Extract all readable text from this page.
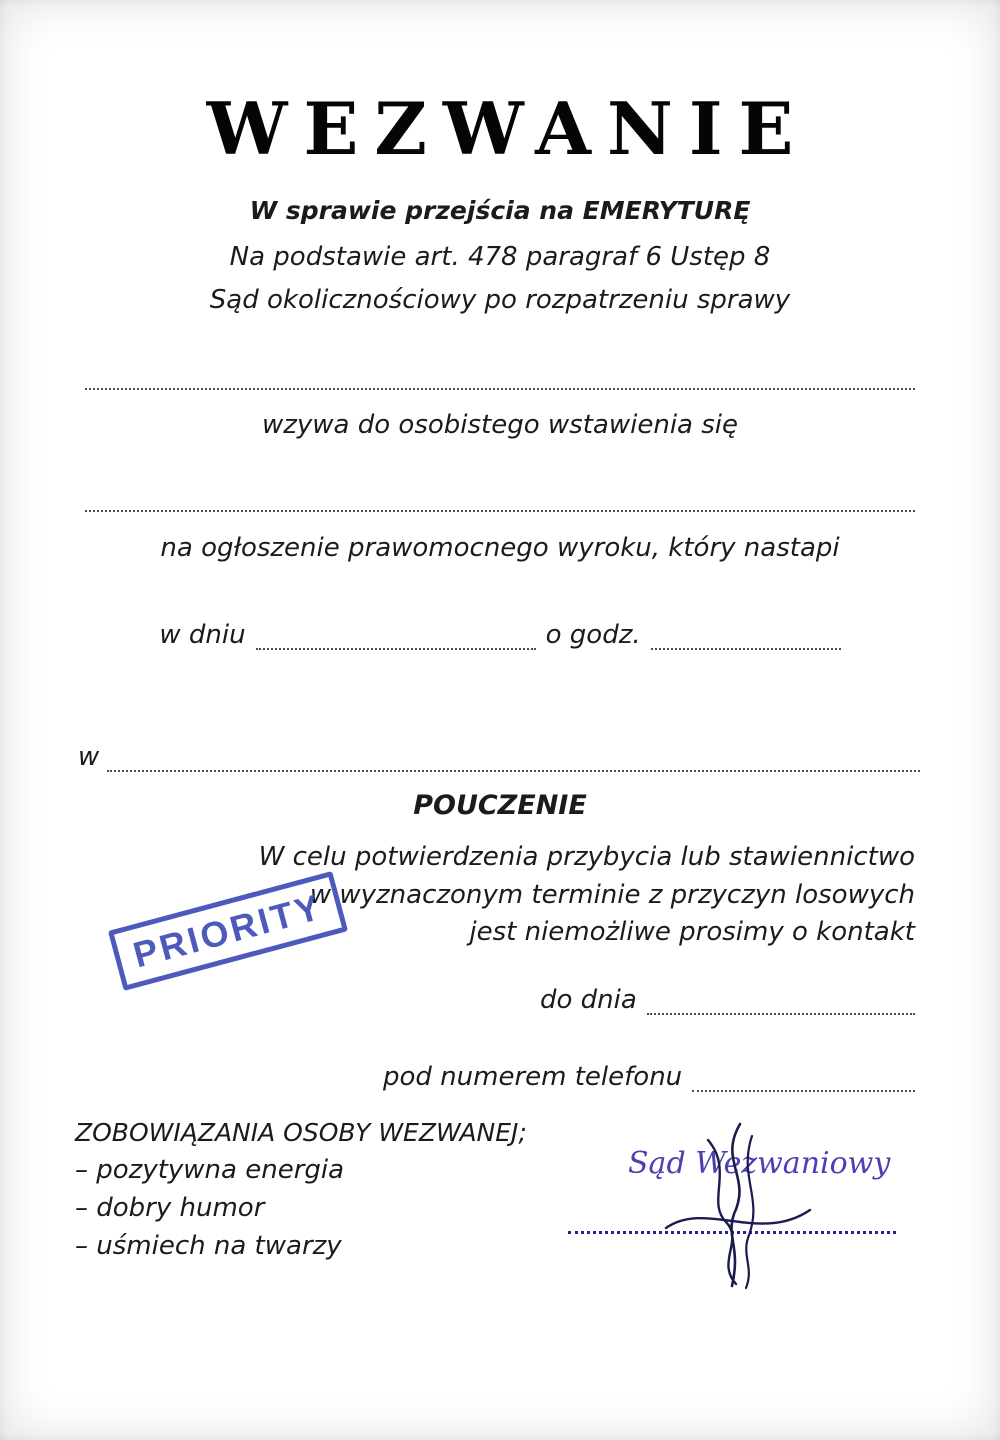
WEZWANIE
W sprawie przejścia na EMERYTURĘ
Na podstawie art. 478 paragraf 6 Ustęp 8
Sąd okolicznościowy po rozpatrzeniu sprawy
wzywa do osobistego wstawienia się
na ogłoszenie prawomocnego wyroku, który nastapi
w dniu	o godz.
w
POUCZENIE
W celu potwierdzenia przybycia lub stawiennictwo
w wyznaczonym terminie z przyczyn losowych
jest niemożliwe prosimy o kontakt
do dnia
pod numerem telefonu
ZOBOWIĄZANIA OSOBY WEZWANEJ;
– pozytywna energia
– dobry humor
– uśmiech na twarzy
PRIORITY
Sąd Wezwaniowy
